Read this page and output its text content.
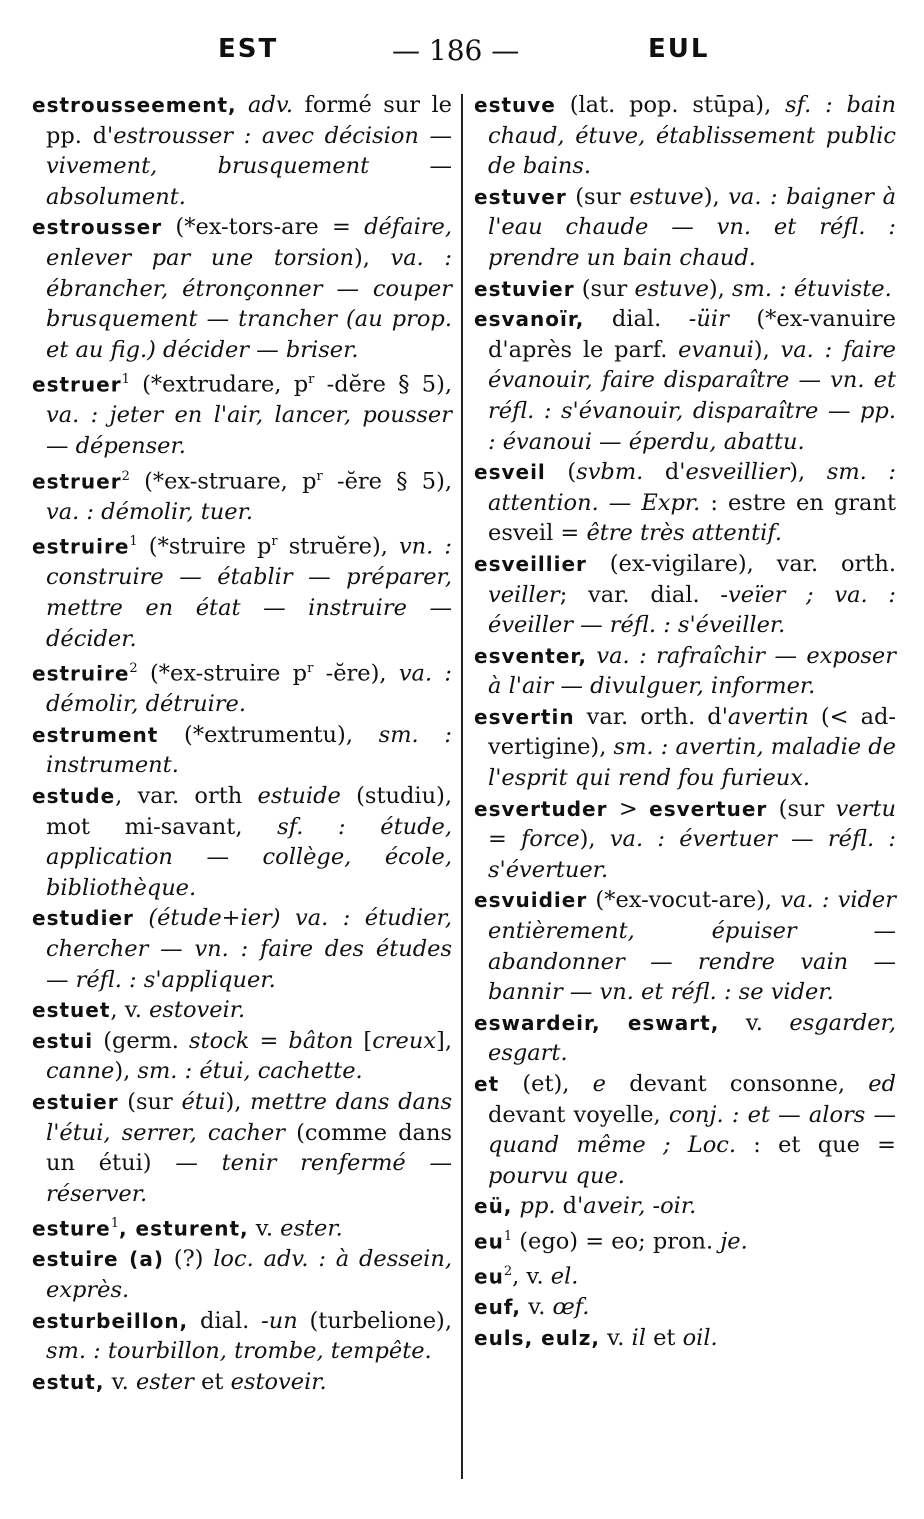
EST	— 186 —	EUL

estrousseement, adv. formé sur le pp. d'estrousser : avec décision — vivement, brusquement — absolument.

estrousser (*ex-tors-are = défaire, enlever par une torsion), va. : ébrancher, étronçonner — couper brusquement — trancher (au prop. et au fig.) décider — briser.

estruer$^1$ (*extrudare, $p^r$ -dĕre § 5), va. : jeter en l'air, lancer, pousser — dépenser.

estruer$^2$ (*ex-struare, $p^r$ -ĕre § 5), va. : démolir, tuer.

estruire$^1$ (*struire $p^r$ struĕre), vn. : construire — établir — préparer, mettre en état — instruire — décider.

estruire$^2$ (*ex-struire $p^r$ -ĕre), va. : démolir, détruire.

estrument (*extrumentu), sm. : instrument.

estude, var. orth estuide (studiu), mot mi-savant, sf. : étude, application — collège, école, bibliothèque.

estudier (étude+ier) va. : étudier, chercher — vn. : faire des études — réfl. : s'appliquer.

estuet, v. estoveir.

estui (germ. stock = bâton [creux], canne), sm. : étui, cachette.

estuier (sur étui), mettre dans dans l'étui, serrer, cacher (comme dans un étui) — tenir renfermé — réserver.

esture$^1$, esturent, v. ester.

estuire (a) (?) loc. adv. : à dessein, exprès.

esturbeillon, dial. -un (turbelione), sm. : tourbillon, trombe, tempête.

estut, v. ester et estoveir.

estuve (lat. pop. stūpa), sf. : bain chaud, étuve, établissement public de bains.

estuver (sur estuve), va. : baigner à l'eau chaude — vn. et réfl. : prendre un bain chaud.

estuvier (sur estuve), sm. : étuviste.

esvanoïr, dial. -üir (*ex-vanuire d'après le parf. evanui), va. : faire évanouir, faire disparaître — vn. et réfl. : s'évanouir, disparaître — pp. : évanoui — éperdu, abattu.

esveil (svbm. d'esveillier), sm. : attention. — Expr. : estre en grant esveil = être très attentif.

esveillier (ex-vigilare), var. orth. veiller; var. dial. -veïer ; va. : éveiller — réfl. : s'éveiller.

esventer, va. : rafraîchir — exposer à l'air — divulguer, informer.

esvertin var. orth. d'avertin (< ad-vertigine), sm. : avertin, maladie de l'esprit qui rend fou furieux.

esvertuder > esvertuer (sur vertu = force), va. : évertuer — réfl. : s'évertuer.

esvuidier (*ex-vocut-are), va. : vider entièrement, épuiser — abandonner — rendre vain — bannir — vn. et réfl. : se vider.

eswardeir, eswart, v. esgarder, esgart.

et (et), e devant consonne, ed devant voyelle, conj. : et — alors — quand même ; Loc. : et que = pourvu que.

eü, pp. d'aveir, -oir.

$eu^1$ (ego) = eo; pron. je.

$eu^2$, v. el.

euf, v. œf.

euls, eulz, v. il et oil.
